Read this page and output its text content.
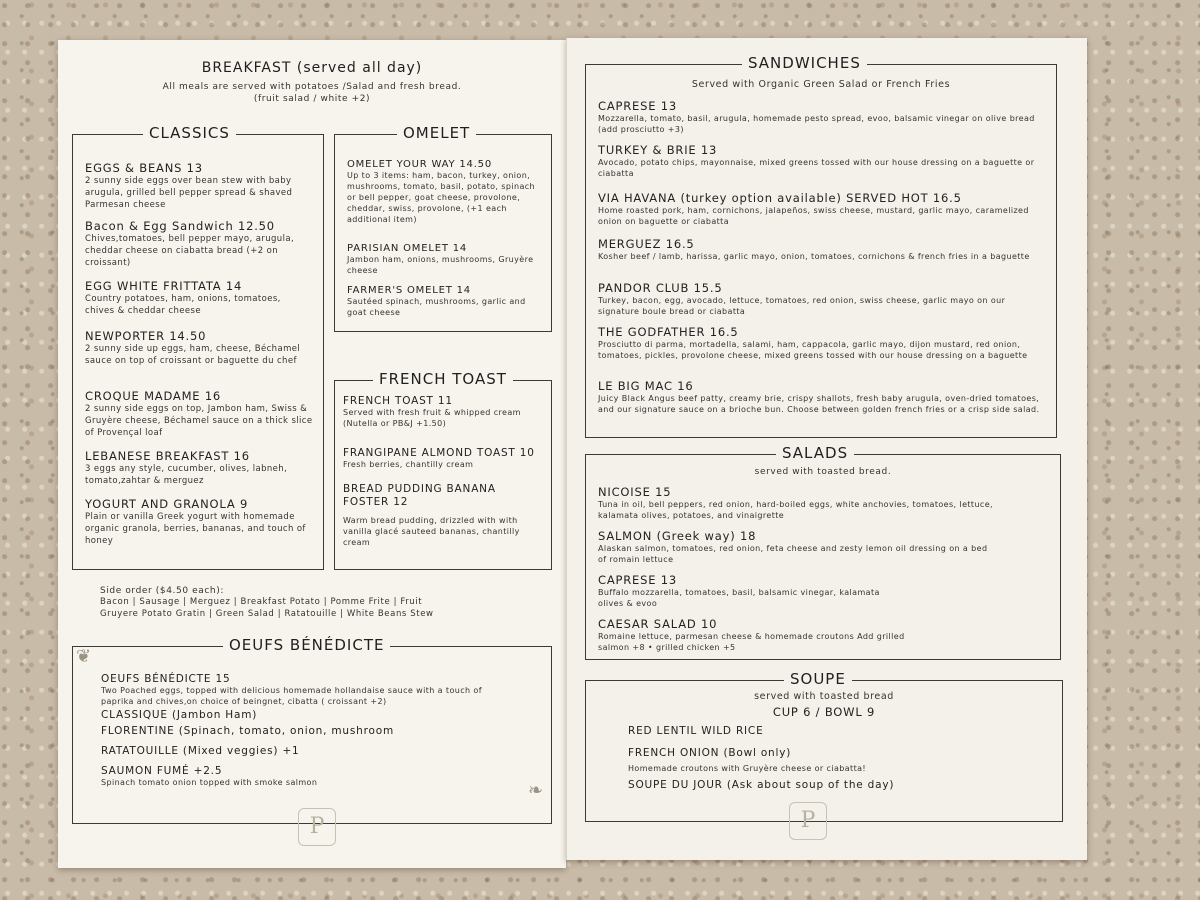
BREAKFAST (served all day)
All meals are served with potatoes /Salad and fresh bread.
(fruit salad / white +2)
CLASSICS
EGGS & BEANS 13
2 sunny side eggs over bean stew with baby arugula, grilled bell pepper spread & shaved Parmesan cheese
Bacon & Egg Sandwich 12.50
Chives,tomatoes, bell pepper mayo, arugula, cheddar cheese on ciabatta bread (+2 on croissant)
EGG WHITE FRITTATA 14
Country potatoes, ham, onions, tomatoes, chives & cheddar cheese
NEWPORTER 14.50
2 sunny side up eggs, ham, cheese, Béchamel sauce on top of croissant or baguette du chef
CROQUE MADAME 16
2 sunny side eggs on top, Jambon ham, Swiss & Gruyère cheese, Béchamel sauce on a thick slice of Provençal loaf
LEBANESE BREAKFAST 16
3 eggs any style, cucumber, olives, labneh, tomato,zahtar & merguez
YOGURT AND GRANOLA 9
Plain or vanilla Greek yogurt with homemade organic granola, berries, bananas, and touch of honey
OMELET
OMELET YOUR WAY 14.50
Up to 3 items: ham, bacon, turkey, onion, mushrooms, tomato, basil, potato, spinach or bell pepper, goat cheese, provolone, cheddar, swiss, provolone, (+1 each additional item)
PARISIAN OMELET 14
Jambon ham, onions, mushrooms, Gruyère cheese
FARMER'S OMELET 14
Sautéed spinach, mushrooms, garlic and goat cheese
FRENCH TOAST
FRENCH TOAST 11
Served with fresh fruit & whipped cream (Nutella or PB&J +1.50)
FRANGIPANE ALMOND TOAST 10
Fresh berries, chantilly cream
BREAD PUDDING BANANA FOSTER 12
Warm bread pudding, drizzled with with vanilla glacé sauteed bananas, chantilly cream
Side order ($4.50 each):
Bacon | Sausage | Merguez | Breakfast Potato | Pomme Frite | Fruit
Gruyere Potato Gratin | Green Salad | Ratatouille | White Beans Stew
OEUFS BÉNÉDICTE
OEUFS BÉNÉDICTE 15
Two Poached eggs, topped with delicious homemade hollandaise sauce with a touch of paprika and chives,on choice of beingnet, cibatta ( croissant +2)
CLASSIQUE (Jambon Ham)
FLORENTINE (Spinach, tomato, onion, mushroom
RATATOUILLE (Mixed veggies) +1
SAUMON FUMÉ +2.5
Spinach tomato onion topped with smoke salmon
❦
❧
P
SANDWICHES
Served with Organic Green Salad or French Fries
CAPRESE 13
Mozzarella, tomato, basil, arugula, homemade pesto spread, evoo, balsamic vinegar on olive bread (add prosciutto +3)
TURKEY & BRIE 13
Avocado, potato chips, mayonnaise, mixed greens tossed with our house dressing on a baguette or ciabatta
VIA HAVANA (turkey option available) SERVED HOT 16.5
Home roasted pork, ham, cornichons, jalapeños, swiss cheese, mustard, garlic mayo, caramelized onion on baguette or ciabatta
MERGUEZ 16.5
Kosher beef / lamb, harissa, garlic mayo, onion, tomatoes, cornichons & french fries in a baguette
PANDOR CLUB 15.5
Turkey, bacon, egg, avocado, lettuce, tomatoes, red onion, swiss cheese, garlic mayo on our signature boule bread or ciabatta
THE GODFATHER 16.5
Prosciutto di parma, mortadella, salami, ham, cappacola, garlic mayo, dijon mustard, red onion, tomatoes, pickles, provolone cheese, mixed greens tossed with our house dressing on a baguette
LE BIG MAC 16
Juicy Black Angus beef patty, creamy brie, crispy shallots, fresh baby arugula, oven-dried tomatoes, and our signature sauce on a brioche bun. Choose between golden french fries or a crisp side salad.
SALADS
served with toasted bread.
NICOISE 15
Tuna in oil, bell peppers, red onion, hard-boiled eggs, white anchovies, tomatoes, lettuce, kalamata olives, potatoes, and vinaigrette
SALMON (Greek way) 18
Alaskan salmon, tomatoes, red onion, feta cheese and zesty lemon oil dressing on a bed of romain lettuce
CAPRESE 13
Buffalo mozzarella, tomatoes, basil, balsamic vinegar, kalamata olives & evoo
CAESAR SALAD 10
Romaine lettuce, parmesan cheese & homemade croutons Add grilled salmon +8 • grilled chicken +5
SOUPE
served with toasted bread
CUP 6 / BOWL 9
RED LENTIL WILD RICE
FRENCH ONION (Bowl only)
Homemade croutons with Gruyère cheese or ciabatta!
SOUPE DU JOUR (Ask about soup of the day)
P
